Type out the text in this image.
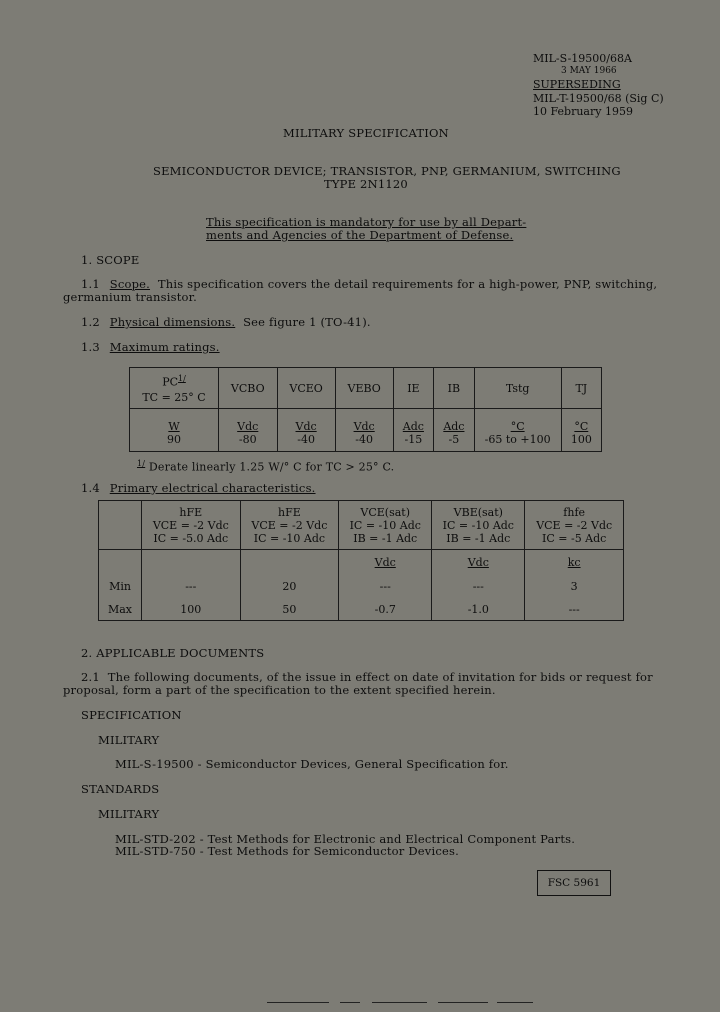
MIL-S-19500/68A
3 MAY 1966
SUPERSEDING
MIL-T-19500/68 (Sig C)
10 February 1959
MILITARY SPECIFICATION
SEMICONDUCTOR DEVICE; TRANSISTOR, PNP, GERMANIUM, SWITCHING
TYPE 2N1120
This specification is mandatory for use by all Depart-
ments and Agencies of the Department of Defense.
1. SCOPE
1.1 Scope. This specification covers the detail requirements for a high-power, PNP, switching,
germanium transistor.
1.2 Physical dimensions. See figure 1 (TO-41).
1.3 Maximum ratings.
$PC^{1/}$
TC = 25° C	VCBO	VCEO	VEBO	IE	IB	Tstg	TJ
W	Vdc	Vdc	Vdc	Adc	Adc	°C	°C
90	-80	-40	-40	-15	-5	-65 to +100	100
$^{1/}$ Derate linearly 1.25 W/° C for TC > 25° C.
1.4 Primary electrical characteristics.
	hFE
VCE = -2 Vdc
IC = -5.0 Adc	hFE
VCE = -2 Vdc
IC = -10 Adc	VCE(sat)
IC = -10 Adc
IB = -1 Adc	VBE(sat)
IC = -10 Adc
IB = -1 Adc	fhfe
VCE = -2 Vdc
IC = -5 Adc
			Vdc	Vdc	kc
Min	---	20	---	---	3
Max	100	50	-0.7	-1.0	---
2. APPLICABLE DOCUMENTS
2.1 The following documents, of the issue in effect on date of invitation for bids or request for
proposal, form a part of the specification to the extent specified herein.
SPECIFICATION
MILITARY
MIL-S-19500 - Semiconductor Devices, General Specification for.
STANDARDS
MILITARY
MIL-STD-202 - Test Methods for Electronic and Electrical Component Parts.
MIL-STD-750 - Test Methods for Semiconductor Devices.
FSC 5961
